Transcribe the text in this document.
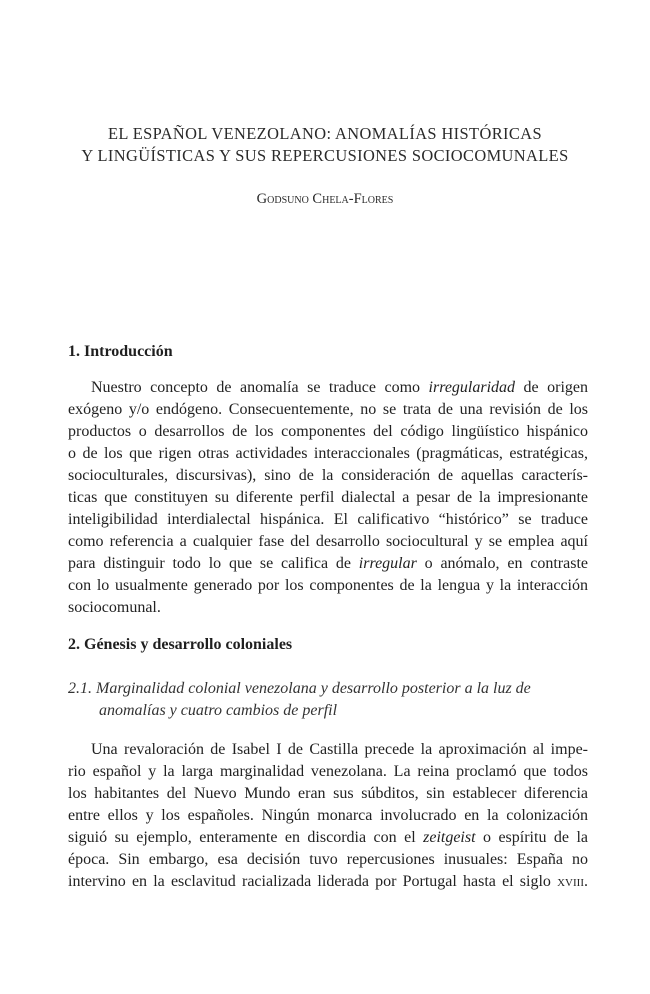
EL ESPAÑOL VENEZOLANO: ANOMALÍAS HISTÓRICAS
Y LINGÜÍSTICAS Y SUS REPERCUSIONES SOCIOCOMUNALES
Godsuno Chela-Flores
1. Introducción
Nuestro concepto de anomalía se traduce como irregularidad de origen
exógeno y/o endógeno. Consecuentemente, no se trata de una revisión de los
productos o desarrollos de los componentes del código lingüístico hispánico
o de los que rigen otras actividades interaccionales (pragmáticas, estratégicas,
socioculturales, discursivas), sino de la consideración de aquellas caracterís-
ticas que constituyen su diferente perfil dialectal a pesar de la impresionante
inteligibilidad interdialectal hispánica. El calificativo “histórico” se traduce
como referencia a cualquier fase del desarrollo sociocultural y se emplea aquí
para distinguir todo lo que se califica de irregular o anómalo, en contraste
con lo usualmente generado por los componentes de la lengua y la interacción
sociocomunal.
2. Génesis y desarrollo coloniales
2.1. Marginalidad colonial venezolana y desarrollo posterior a la luz de
anomalías y cuatro cambios de perfil
Una revaloración de Isabel I de Castilla precede la aproximación al impe-
rio español y la larga marginalidad venezolana. La reina proclamó que todos
los habitantes del Nuevo Mundo eran sus súbditos, sin establecer diferencia
entre ellos y los españoles. Ningún monarca involucrado en la colonización
siguió su ejemplo, enteramente en discordia con el zeitgeist o espíritu de la
época. Sin embargo, esa decisión tuvo repercusiones inusuales: España no
intervino en la esclavitud racializada liderada por Portugal hasta el siglo xviii.
